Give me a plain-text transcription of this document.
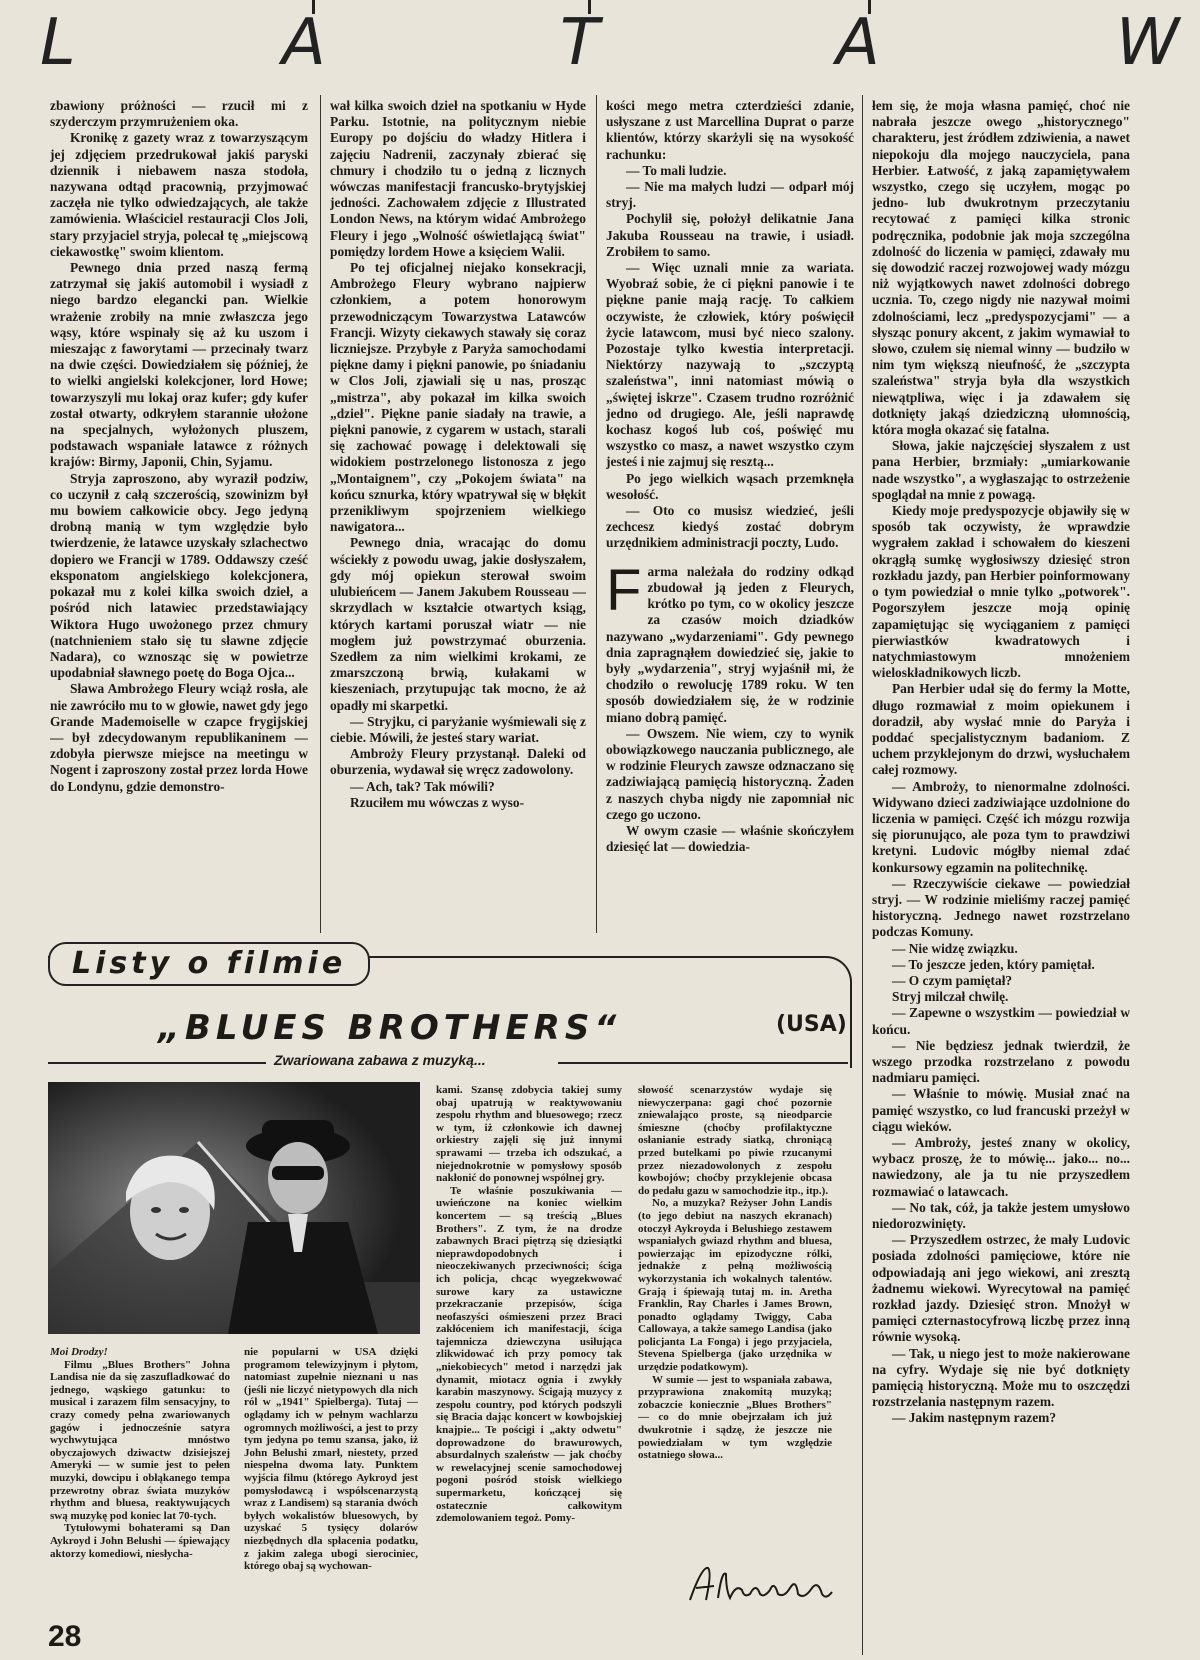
L	A	T	A	W

zbawiony próżności — rzucił mi z szyderczym przymrużeniem oka.

Kronikę z gazety wraz z towarzyszącym jej zdjęciem przedrukował jakiś paryski dziennik i niebawem nasza stodoła, nazywana odtąd pracownią, przyjmować zaczęła nie tylko odwiedzających, ale także zamówienia. Właściciel restauracji Clos Joli, stary przyjaciel stryja, polecał tę „miejscową ciekawostkę" swoim klientom.

Pewnego dnia przed naszą fermą zatrzymał się jakiś automobil i wysiadł z niego bardzo elegancki pan. Wielkie wrażenie zrobiły na mnie zwłaszcza jego wąsy, które wspinały się aż ku uszom i mieszając z faworytami — przecinały twarz na dwie części. Dowiedziałem się później, że to wielki angielski kolekcjoner, lord Howe; towarzyszyli mu lokaj oraz kufer; gdy kufer został otwarty, odkryłem starannie ułożone na specjalnych, wyłożonych pluszem, podstawach wspaniałe latawce z różnych krajów: Birmy, Japonii, Chin, Syjamu.

Stryja zaproszono, aby wyraził podziw, co uczynił z całą szczerością, szowinizm był mu bowiem całkowicie obcy. Jego jedyną drobną manią w tym względzie było twierdzenie, że latawce uzyskały szlachectwo dopiero we Francji w 1789. Oddawszy cześć eksponatom angielskiego kolekcjonera, pokazał mu z kolei kilka swoich dzieł, a pośród nich latawiec przedstawiający Wiktora Hugo uwożonego przez chmury (natchnieniem stało się tu sławne zdjęcie Nadara), co wznosząc się w powietrze upodabniał sławnego poetę do Boga Ojca...

Sława Ambrożego Fleury wciąż rosła, ale nie zawróciło mu to w głowie, nawet gdy jego Grande Mademoiselle w czapce frygijskiej — był zdecydowanym republikaninem — zdobyła pierwsze miejsce na meetingu w Nogent i zaproszony został przez lorda Howe do Londynu, gdzie demonstro-

wał kilka swoich dzieł na spotkaniu w Hyde Parku. Istotnie, na politycznym niebie Europy po dojściu do władzy Hitlera i zajęciu Nadrenii, zaczynały zbierać się chmury i chodziło tu o jedną z licznych wówczas manifestacji francusko-brytyjskiej jedności. Zachowałem zdjęcie z Illustrated London News, na którym widać Ambrożego Fleury i jego „Wolność oświetlającą świat" pomiędzy lordem Howe a księciem Walii.

Po tej oficjalnej niejako konsekracji, Ambrożego Fleury wybrano najpierw członkiem, a potem honorowym przewodniczącym Towarzystwa Latawców Francji. Wizyty ciekawych stawały się coraz liczniejsze. Przybyłe z Paryża samochodami piękne damy i piękni panowie, po śniadaniu w Clos Joli, zjawiali się u nas, prosząc „mistrza", aby pokazał im kilka swoich „dzieł". Piękne panie siadały na trawie, a piękni panowie, z cygarem w ustach, starali się zachować powagę i delektowali się widokiem postrzelonego listonosza z jego „Montaignem", czy „Pokojem świata" na końcu sznurka, który wpatrywał się w błękit przenikliwym spojrzeniem wielkiego nawigatora...

Pewnego dnia, wracając do domu wściekły z powodu uwag, jakie dosłyszałem, gdy mój opiekun sterował swoim ulubieńcem — Janem Jakubem Rousseau — skrzydlach w kształcie otwartych ksiąg, których kartami poruszał wiatr — nie mogłem już powstrzymać oburzenia. Szedłem za nim wielkimi krokami, ze zmarszczoną brwią, kułakami w kieszeniach, przytupując tak mocno, że aż opadły mi skarpetki.

— Stryjku, ci paryżanie wyśmiewali się z ciebie. Mówili, że jesteś stary wariat.

Ambroży Fleury przystanął. Daleki od oburzenia, wydawał się wręcz zadowolony.

— Ach, tak? Tak mówili?

Rzuciłem mu wówczas z wyso-

kości mego metra czterdzieści zdanie, usłyszane z ust Marcellina Duprat o parze klientów, którzy skarżyli się na wysokość rachunku:

— To mali ludzie.

— Nie ma małych ludzi — odparł mój stryj.

Pochylił się, położył delikatnie Jana Jakuba Rousseau na trawie, i usiadł. Zrobiłem to samo.

— Więc uznali mnie za wariata. Wyobraź sobie, że ci piękni panowie i te piękne panie mają rację. To całkiem oczywiste, że człowiek, który poświęcił życie latawcom, musi być nieco szalony. Pozostaje tylko kwestia interpretacji. Niektórzy nazywają to „szczyptą szaleństwa", inni natomiast mówią o „świętej iskrze". Czasem trudno rozróżnić jedno od drugiego. Ale, jeśli naprawdę kochasz kogoś lub coś, poświęć mu wszystko co masz, a nawet wszystko czym jesteś i nie zajmuj się resztą...

Po jego wielkich wąsach przemknęła wesołość.

— Oto co musisz wiedzieć, jeśli zechcesz kiedyś zostać dobrym urzędnikiem administracji poczty, Ludo.

Farma należała do rodziny odkąd zbudował ją jeden z Fleurych, krótko po tym, co w okolicy jeszcze za czasów moich dziadków nazywano „wydarzeniami". Gdy pewnego dnia zapragnąłem dowiedzieć się, jakie to były „wydarzenia", stryj wyjaśnił mi, że chodziło o rewolucję 1789 roku. W ten sposób dowiedziałem się, że w rodzinie miano dobrą pamięć.

— Owszem. Nie wiem, czy to wynik obowiązkowego nauczania publicznego, ale w rodzinie Fleurych zawsze odznaczano się zadziwiającą pamięcią historyczną. Żaden z naszych chyba nigdy nie zapomniał nic czego go uczono.

W owym czasie — właśnie skończyłem dziesięć lat — dowiedzia-

łem się, że moja własna pamięć, choć nie nabrała jeszcze owego „historycznego" charakteru, jest źródłem zdziwienia, a nawet niepokoju dla mojego nauczyciela, pana Herbier. Łatwość, z jaką zapamiętywałem wszystko, czego się uczyłem, mogąc po jedno- lub dwukrotnym przeczytaniu recytować z pamięci kilka stronic podręcznika, podobnie jak moja szczególna zdolność do liczenia w pamięci, zdawały mu się dowodzić raczej rozwojowej wady mózgu niż wyjątkowych nawet zdolności dobrego ucznia. To, czego nigdy nie nazywał moimi zdolnościami, lecz „predyspozycjami" — a słysząc ponury akcent, z jakim wymawiał to słowo, czułem się niemal winny — budziło w nim tym większą nieufność, że „szczypta szaleństwa" stryja była dla wszystkich niewątpliwa, więc i ja zdawałem się dotknięty jakąś dziedziczną ułomnością, która mogła okazać się fatalna.

Słowa, jakie najczęściej słyszałem z ust pana Herbier, brzmiały: „umiarkowanie nade wszystko", a wygłaszając to ostrzeżenie spoglądał na mnie z powagą.

Kiedy moje predyspozycje objawiły się w sposób tak oczywisty, że wprawdzie wygrałem zakład i schowałem do kieszeni okrągłą sumkę wygłosiwszy dziesięć stron rozkładu jazdy, pan Herbier poinformowany o tym powiedział o mnie tylko „potworek". Pogorszyłem jeszcze moją opinię zapamiętując się wyciąganiem z pamięci pierwiastków kwadratowych i natychmiastowym mnożeniem wieloskładnikowych liczb.

Pan Herbier udał się do fermy la Motte, długo rozmawiał z moim opiekunem i doradził, aby wysłać mnie do Paryża i poddać specjalistycznym badaniom. Z uchem przyklejonym do drzwi, wysłuchałem całej rozmowy.

— Ambroży, to nienormalne zdolności. Widywano dzieci zadziwiające uzdolnione do liczenia w pamięci. Część ich mózgu rozwija się piorunująco, ale poza tym to prawdziwi kretyni. Ludovic mógłby niemal zdać konkursowy egzamin na politechnikę.

— Rzeczywiście ciekawe — powiedział stryj. — W rodzinie mieliśmy raczej pamięć historyczną. Jednego nawet rozstrzelano podczas Komuny.

— Nie widzę związku.

— To jeszcze jeden, który pamiętał.

— O czym pamiętał?

Stryj milczał chwilę.

— Zapewne o wszystkim — powiedział w końcu.

— Nie będziesz jednak twierdził, że wszego przodka rozstrzelano z powodu nadmiaru pamięci.

— Właśnie to mówię. Musiał znać na pamięć wszystko, co lud francuski przeżył w ciągu wieków.

— Ambroży, jesteś znany w okolicy, wybacz proszę, że to mówię... jako... no... nawiedzony, ale ja tu nie przyszedłem rozmawiać o latawcach.

— No tak, cóż, ja także jestem umysłowo niedorozwinięty.

— Przyszedłem ostrzec, że mały Ludovic posiada zdolności pamięciowe, które nie odpowiadają ani jego wiekowi, ani zresztą żadnemu wiekowi. Wyrecytował na pamięć rozkład jazdy. Dziesięć stron. Mnożył w pamięci czternastocyfrową liczbę przez inną równie wysoką.

— Tak, u niego jest to może nakierowane na cyfry. Wydaje się nie być dotknięty pamięcią historyczną. Może mu to oszczędzi rozstrzelania następnym razem.

— Jakim następnym razem?

Listy o filmie
„BLUES BROTHERS“	(USA)
Zwariowana zabawa z muzyką...

Moi Drodzy!

Filmu „Blues Brothers" Johna Landisa nie da się zaszufladkować do jednego, wąskiego gatunku: to musical i zarazem film sensacyjny, to crazy comedy pełna zwariowanych gagów i jednocześnie satyra wychwytująca mnóstwo obyczajowych dziwactw dzisiejszej Ameryki — w sumie jest to pełen muzyki, dowcipu i obłąkanego tempa przewrotny obraz świata muzyków rhythm and bluesa, reaktywujących swą muzykę pod koniec lat 70-tych.

Tytułowymi bohaterami są Dan Aykroyd i John Belushi — śpiewający aktorzy komediowi, niesłycha-

nie popularni w USA dzięki programom telewizyjnym i płytom, natomiast zupełnie nieznani u nas (jeśli nie liczyć nietypowych dla nich ról w „1941" Spielberga). Tutaj — oglądamy ich w pełnym wachlarzu ogromnych możliwości, a jest to przy tym jedyna po temu szansa, jako, iż John Belushi zmarł, niestety, przed niespełna dwoma laty. Punktem wyjścia filmu (którego Aykroyd jest pomysłodawcą i współscenarzystą wraz z Landisem) są starania dwóch byłych wokalistów bluesowych, by uzyskać 5 tysięcy dolarów niezbędnych dla spłacenia podatku, z jakim zalega ubogi sierociniec, którego obaj są wychowan-

kami. Szansę zdobycia takiej sumy obaj upatrują w reaktywowaniu zespołu rhythm and bluesowego; rzecz w tym, iż członkowie ich dawnej orkiestry zajęli się już innymi sprawami — trzeba ich odszukać, a niejednokrotnie w pomysłowy sposób nakłonić do ponownej wspólnej gry.

Te właśnie poszukiwania — uwieńczone na koniec wielkim koncertem — są treścią „Blues Brothers". Z tym, że na drodze zabawnych Braci piętrzą się dziesiątki nieprawdopodobnych i nieoczekiwanych przeciwności; ściga ich policja, chcąc wyegzekwować surowe kary za ustawiczne przekraczanie przepisów, ściga neofaszyści ośmieszeni przez Braci zakłóceniem ich manifestacji, ściga tajemnicza dziewczyna usiłująca zlikwidować ich przy pomocy tak „niekobiecych" metod i narzędzi jak dynamit, miotacz ognia i zwykły karabin maszynowy. Ścigają muzycy z zespołu country, pod których podszyli się Bracia dając koncert w kowbojskiej knajpie... Te pościgi i „akty odwetu" doprowadzone do brawurowych, absurdalnych szaleństw — jak choćby w rewelacyjnej scenie samochodowej pogoni pośród stoisk wielkiego supermarketu, kończącej się ostatecznie całkowitym zdemolowaniem tegoż. Pomy-

słowość scenarzystów wydaje się niewyczerpana: gagi choć pozornie zniewalająco proste, są nieodparcie śmieszne (choćby profilaktyczne osłanianie estrady siatką, chroniącą przed butelkami po piwie rzucanymi przez niezadowolonych z zespołu kowbojów; choćby przyklejenie obcasa do pedału gazu w samochodzie itp., itp.).

No, a muzyka? Reżyser John Landis (to jego debiut na naszych ekranach) otoczył Aykroyda i Belushiego zestawem wspaniałych gwiazd rhythm and bluesa, powierzając im epizodyczne rólki, jednakże z pełną możliwością wykorzystania ich wokalnych talentów. Grają i śpiewają tutaj m. in. Aretha Franklin, Ray Charles i James Brown, ponadto oglądamy Twiggy, Caba Callowaya, a także samego Landisa (jako policjanta La Fonga) i jego przyjaciela, Stevena Spielberga (jako urzędnika w urzędzie podatkowym).

W sumie — jest to wspaniała zabawa, przyprawiona znakomitą muzyką; zobaczcie koniecznie „Blues Brothers" — co do mnie obejrzałam ich już dwukrotnie i sądzę, że jeszcze nie powiedziałam w tym względzie ostatniego słowa...

28
